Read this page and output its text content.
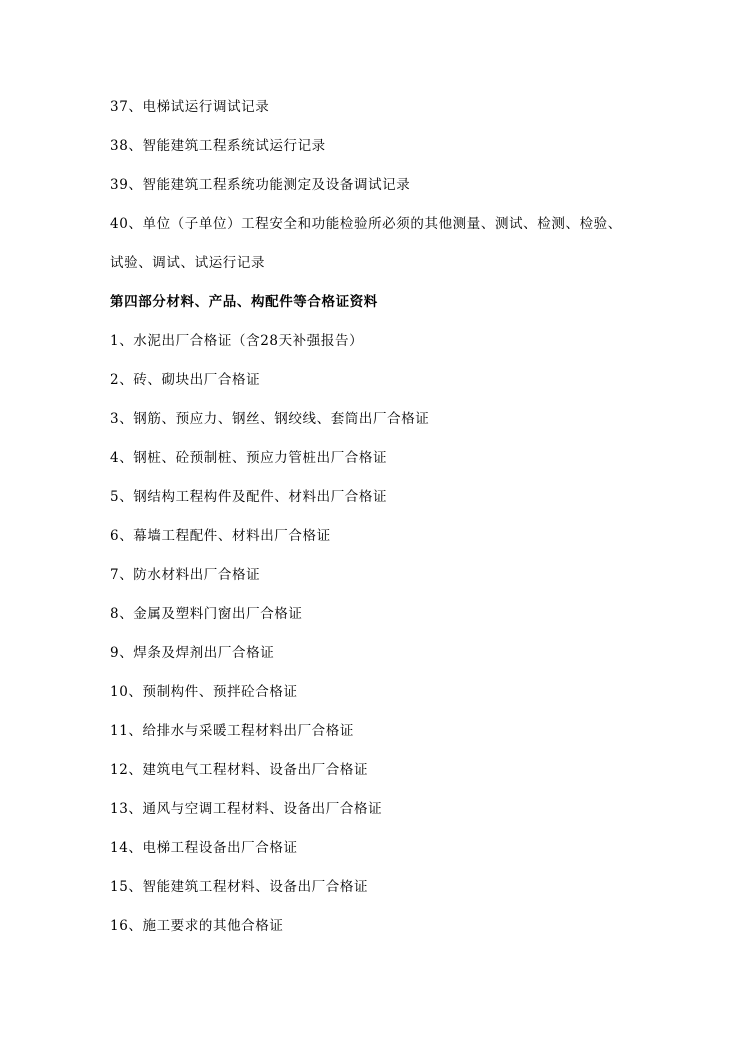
37、电梯试运行调试记录
38、智能建筑工程系统试运行记录
39、智能建筑工程系统功能测定及设备调试记录
40、单位（子单位）工程安全和功能检验所必须的其他测量、测试、检测、检验、
试验、调试、试运行记录
第四部分材料、产品、构配件等合格证资料
1、水泥出厂合格证（含28天补强报告）
2、砖、砌块出厂合格证
3、钢筋、预应力、钢丝、钢绞线、套筒出厂合格证
4、钢桩、砼预制桩、预应力管桩出厂合格证
5、钢结构工程构件及配件、材料出厂合格证
6、幕墙工程配件、材料出厂合格证
7、防水材料出厂合格证
8、金属及塑料门窗出厂合格证
9、焊条及焊剂出厂合格证
10、预制构件、预拌砼合格证
11、给排水与采暖工程材料出厂合格证
12、建筑电气工程材料、设备出厂合格证
13、通风与空调工程材料、设备出厂合格证
14、电梯工程设备出厂合格证
15、智能建筑工程材料、设备出厂合格证
16、施工要求的其他合格证
